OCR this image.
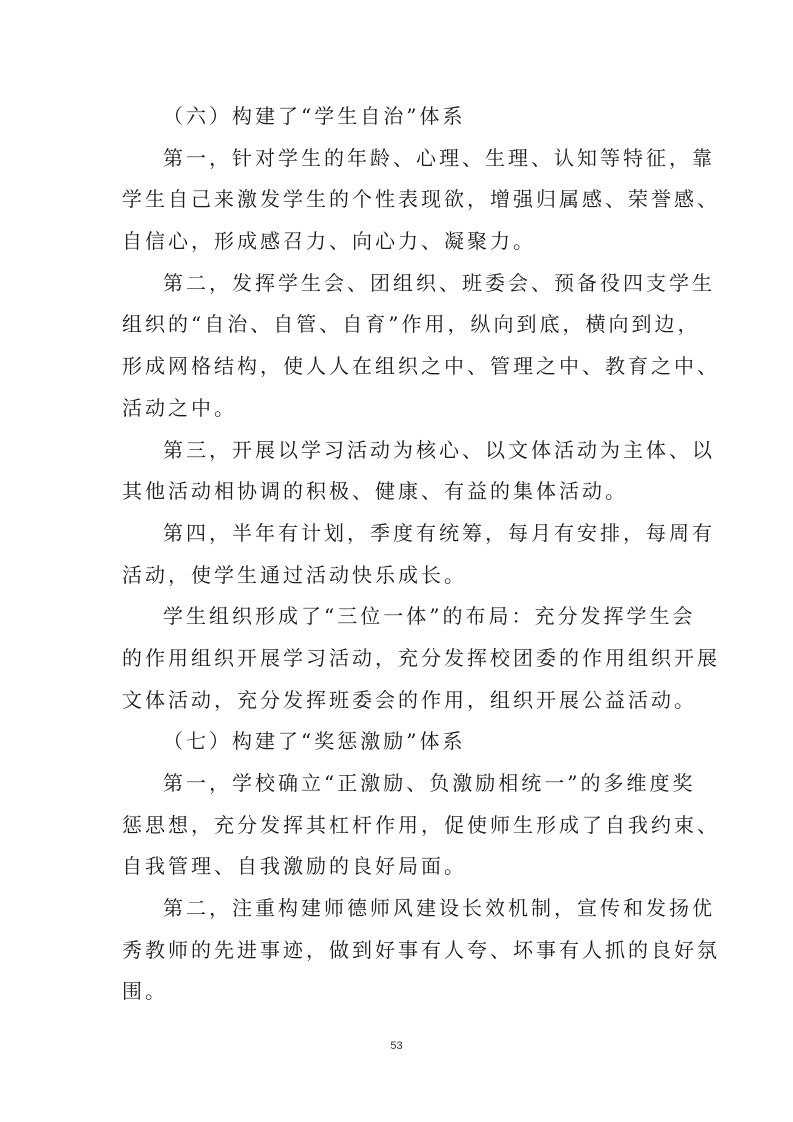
（六）构建了“学生自治”体系
第一，针对学生的年龄、心理、生理、认知等特征，靠
学生自己来激发学生的个性表现欲，增强归属感、荣誉感、
自信心，形成感召力、向心力、凝聚力。
第二，发挥学生会、团组织、班委会、预备役四支学生
组织的“自治、自管、自育”作用，纵向到底，横向到边，
形成网格结构，使人人在组织之中、管理之中、教育之中、
活动之中。
第三，开展以学习活动为核心、以文体活动为主体、以
其他活动相协调的积极、健康、有益的集体活动。
第四，半年有计划，季度有统筹，每月有安排，每周有
活动，使学生通过活动快乐成长。
学生组织形成了“三位一体”的布局：充分发挥学生会
的作用组织开展学习活动，充分发挥校团委的作用组织开展
文体活动，充分发挥班委会的作用，组织开展公益活动。
（七）构建了“奖惩激励”体系
第一，学校确立“正激励、负激励相统一”的多维度奖
惩思想，充分发挥其杠杆作用，促使师生形成了自我约束、
自我管理、自我激励的良好局面。
第二，注重构建师德师风建设长效机制，宣传和发扬优
秀教师的先进事迹，做到好事有人夸、坏事有人抓的良好氛
围。
53
